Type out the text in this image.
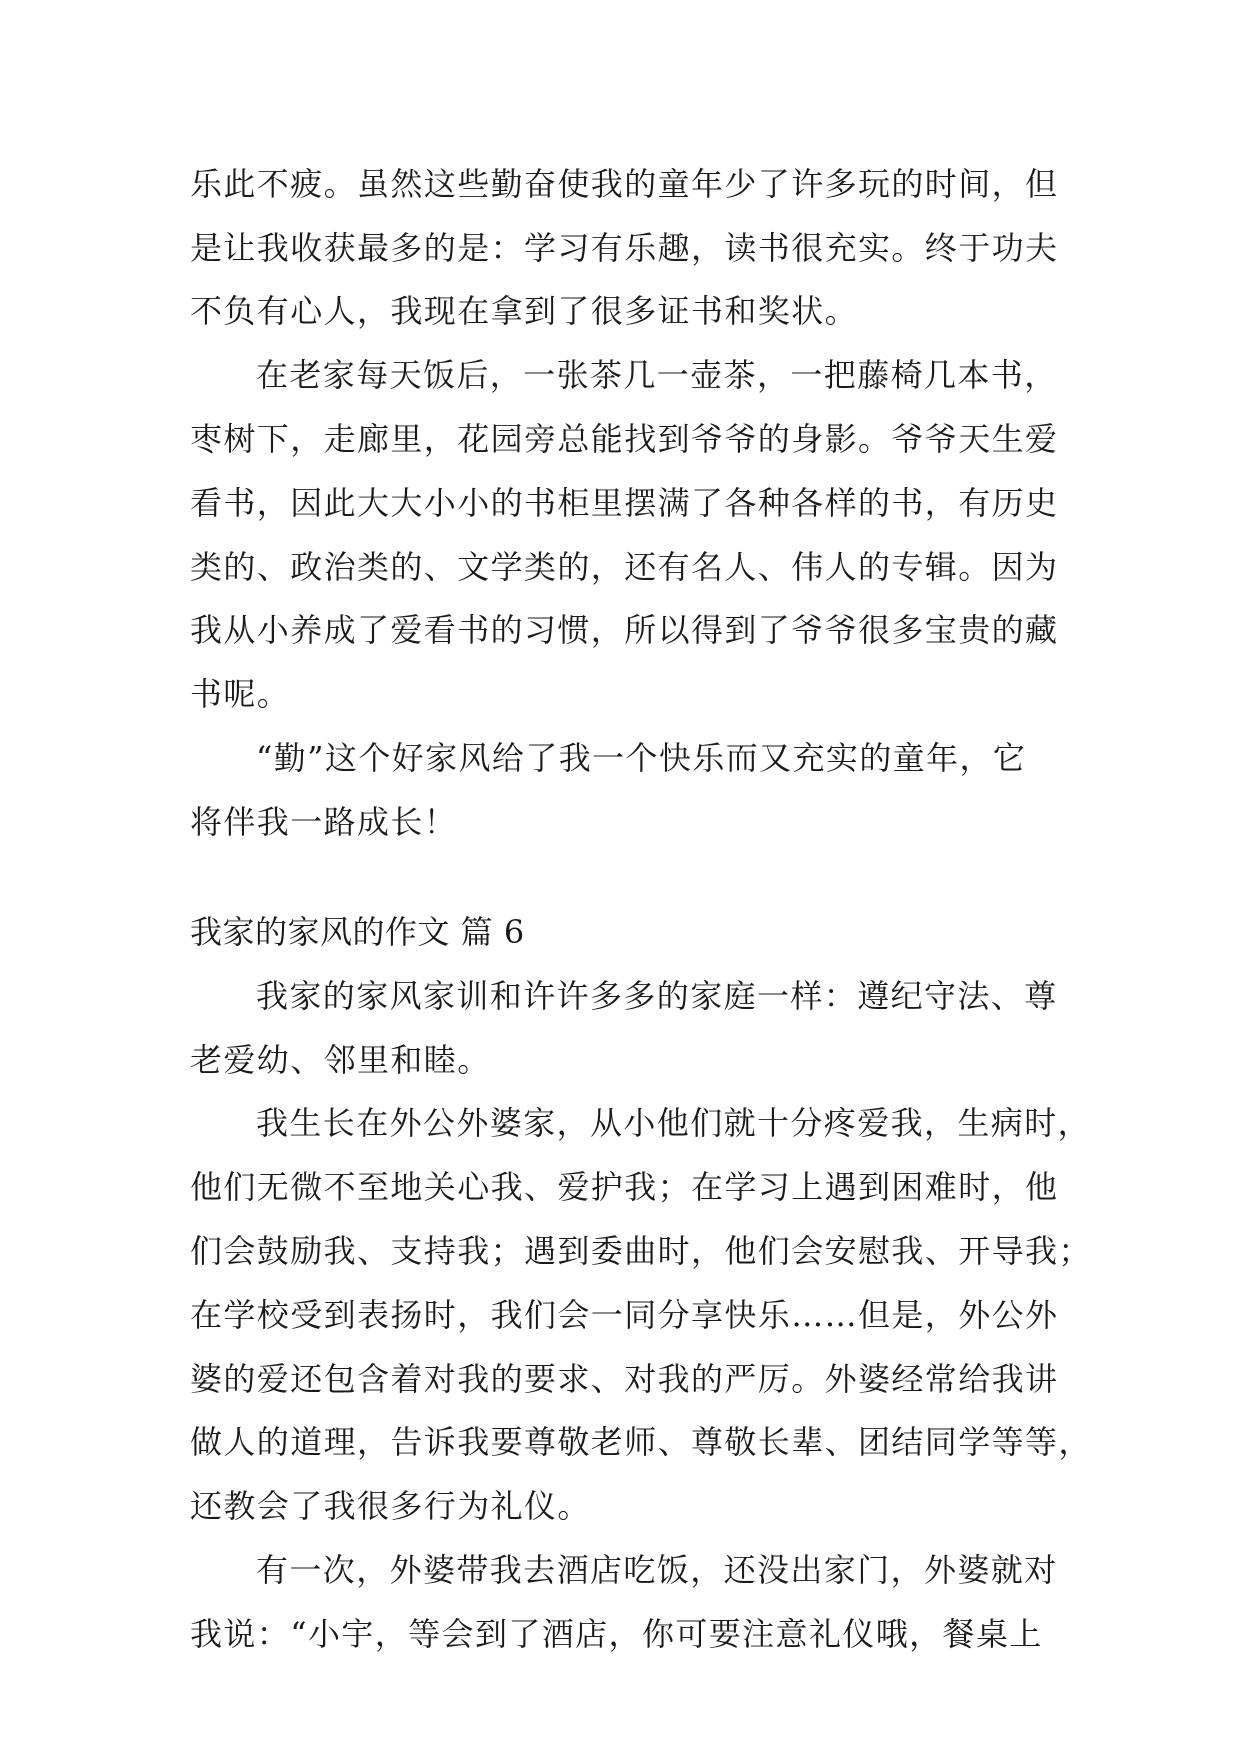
乐此不疲。虽然这些勤奋使我的童年少了许多玩的时间，但

是让我收获最多的是：学习有乐趣，读书很充实。终于功夫

不负有心人，我现在拿到了很多证书和奖状。

在老家每天饭后，一张茶几一壶茶，一把藤椅几本书，

枣树下，走廊里，花园旁总能找到爷爷的身影。爷爷天生爱

看书，因此大大小小的书柜里摆满了各种各样的书，有历史

类的、政治类的、文学类的，还有名人、伟人的专辑。因为

我从小养成了爱看书的习惯，所以得到了爷爷很多宝贵的藏

书呢。

“勤”这个好家风给了我一个快乐而又充实的童年，它

将伴我一路成长！

我家的家风的作文 篇 6

我家的家风家训和许许多多的家庭一样：遵纪守法、尊

老爱幼、邻里和睦。

我生长在外公外婆家，从小他们就十分疼爱我，生病时，

他们无微不至地关心我、爱护我；在学习上遇到困难时，他

们会鼓励我、支持我；遇到委曲时，他们会安慰我、开导我；

在学校受到表扬时，我们会一同分享快乐……但是，外公外

婆的爱还包含着对我的要求、对我的严厉。外婆经常给我讲

做人的道理，告诉我要尊敬老师、尊敬长辈、团结同学等等，

还教会了我很多行为礼仪。

有一次，外婆带我去酒店吃饭，还没出家门，外婆就对

我说：“小宇，等会到了酒店，你可要注意礼仪哦，餐桌上
